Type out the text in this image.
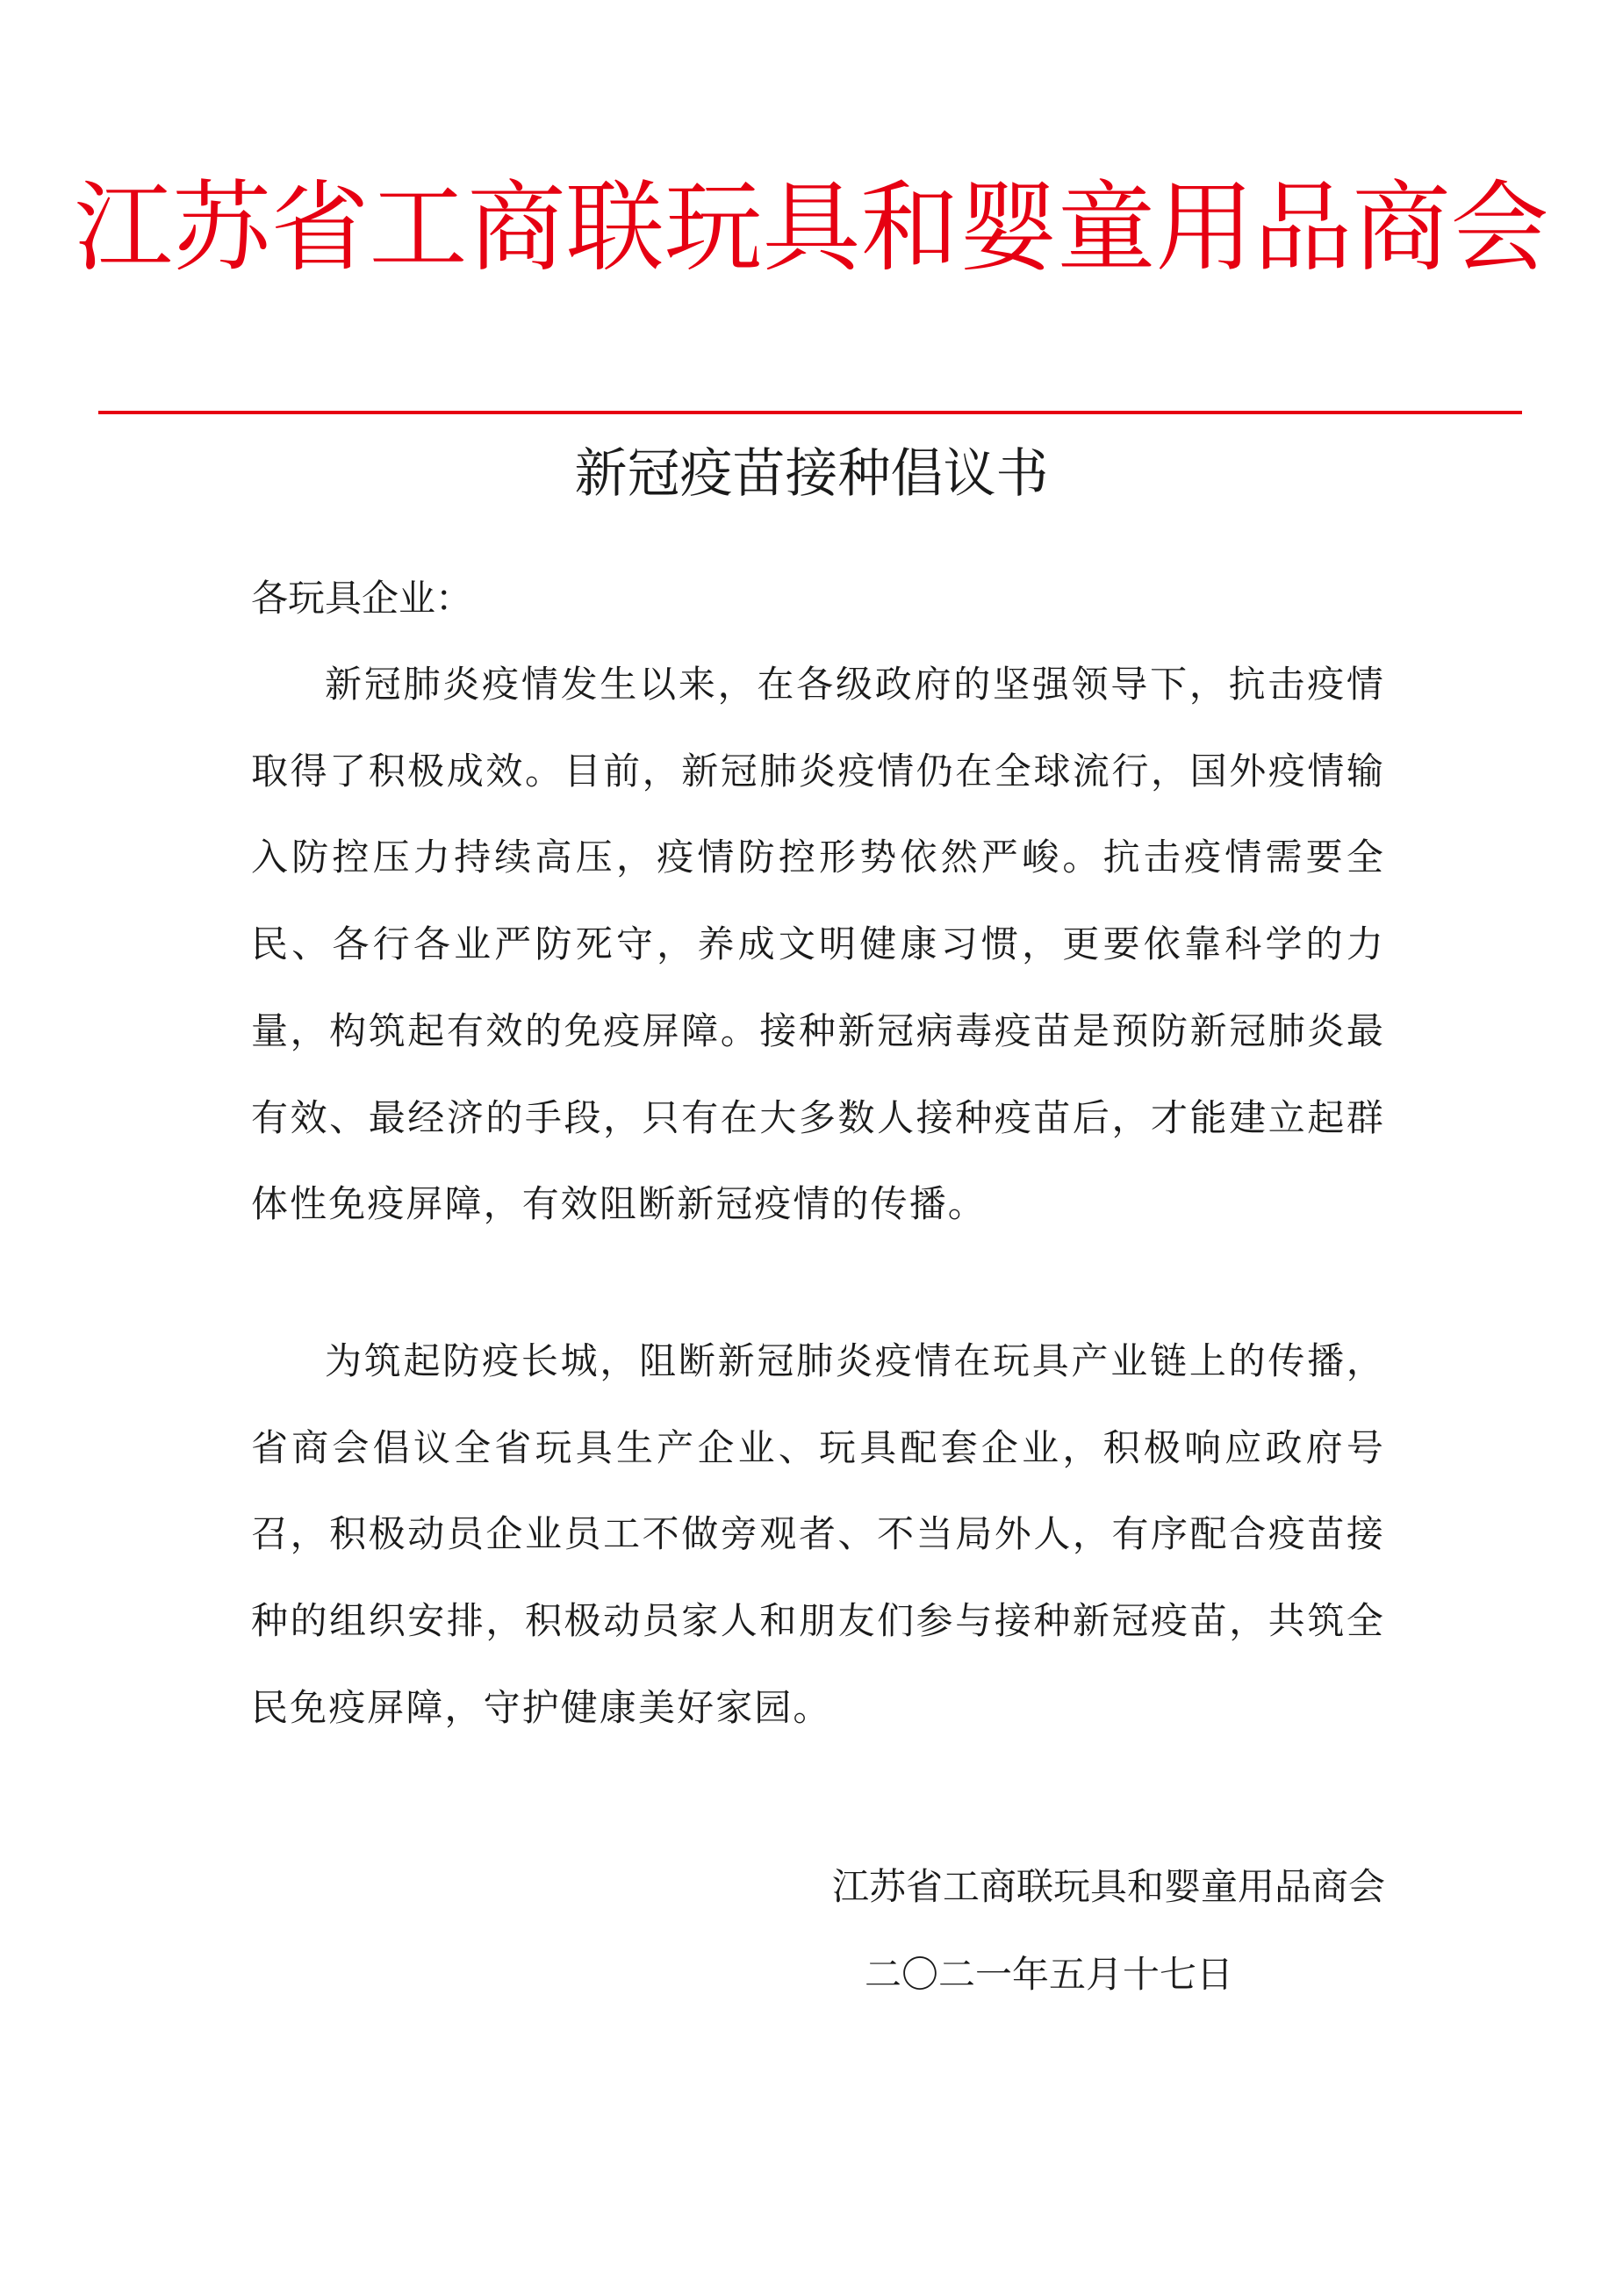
江苏省工商联玩具和婴童用品商会
新冠疫苗接种倡议书

各玩具企业：

新冠肺炎疫情发生以来，在各级政府的坚强领导下，抗击疫情取得了积极成效。目前，新冠肺炎疫情仍在全球流行，国外疫情输入防控压力持续高压，疫情防控形势依然严峻。抗击疫情需要全民、各行各业严防死守，养成文明健康习惯，更要依靠科学的力量，构筑起有效的免疫屏障。接种新冠病毒疫苗是预防新冠肺炎最有效、最经济的手段，只有在大多数人接种疫苗后，才能建立起群体性免疫屏障，有效阻断新冠疫情的传播。

为筑起防疫长城，阻断新冠肺炎疫情在玩具产业链上的传播，省商会倡议全省玩具生产企业、玩具配套企业，积极响应政府号召，积极动员企业员工不做旁观者、不当局外人，有序配合疫苗接种的组织安排，积极动员家人和朋友们参与接种新冠疫苗，共筑全民免疫屏障，守护健康美好家园。

江苏省工商联玩具和婴童用品商会
二〇二一年五月十七日
